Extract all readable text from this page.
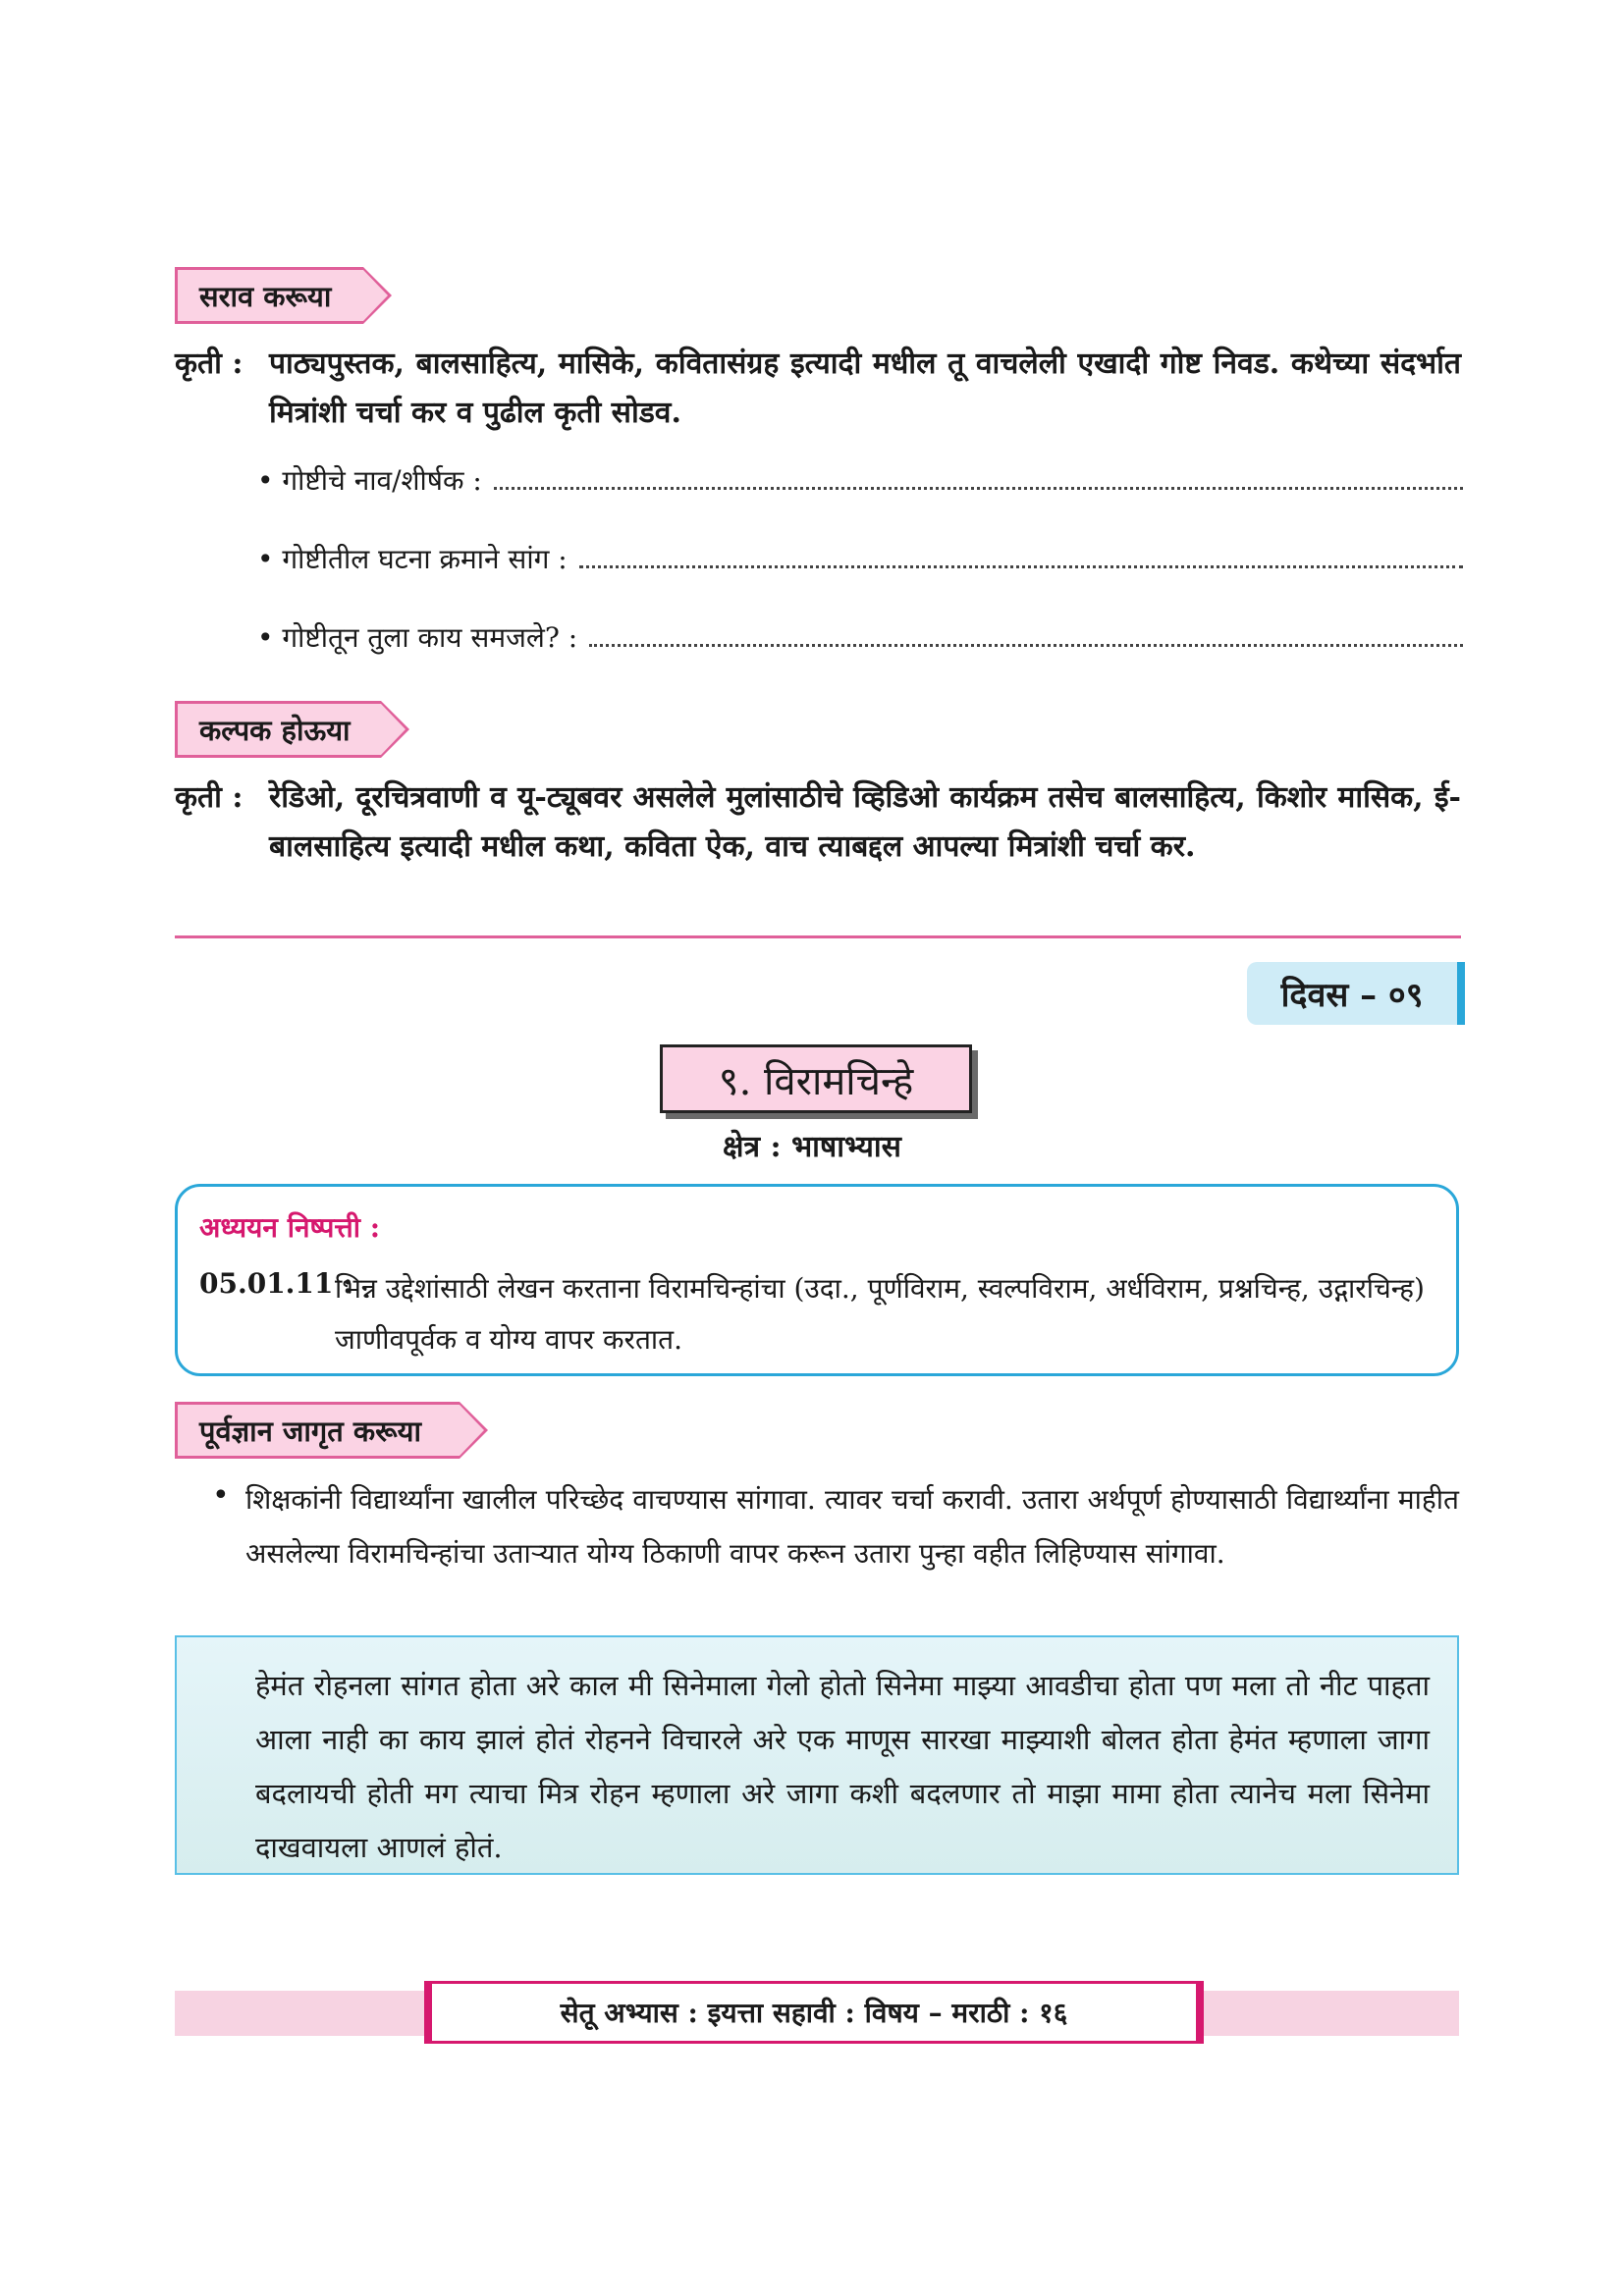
सराव करूया
कृती : पाठ्यपुस्तक, बालसाहित्य, मासिके, कवितासंग्रह इत्यादी मधील तू वाचलेली एखादी गोष्ट निवड. कथेच्या संदर्भात मित्रांशी चर्चा कर व पुढील कृती सोडव.
• गोष्टीचे नाव/शीर्षक :
• गोष्टीतील घटना क्रमाने सांग :
• गोष्टीतून तुला काय समजले? :
कल्पक होऊया
कृती : रेडिओ, दूरचित्रवाणी व यू-ट्यूबवर असलेले मुलांसाठीचे व्हिडिओ कार्यक्रम तसेच बालसाहित्य, किशोर मासिक, ई-बालसाहित्य इत्यादी मधील कथा, कविता ऐक, वाच त्याबद्दल आपल्या मित्रांशी चर्चा कर.
दिवस – ०९
९. विरामचिन्हे
क्षेत्र : भाषाभ्यास
अध्ययन निष्पत्ती :
05.01.11 :
भिन्न उद्देशांसाठी लेखन करताना विरामचिन्हांचा (उदा., पूर्णविराम, स्वल्पविराम, अर्धविराम, प्रश्नचिन्ह, उद्गारचिन्ह) जाणीवपूर्वक व योग्य वापर करतात.
पूर्वज्ञान जागृत करूया
• शिक्षकांनी विद्यार्थ्यांना खालील परिच्छेद वाचण्यास सांगावा. त्यावर चर्चा करावी. उतारा अर्थपूर्ण होण्यासाठी विद्यार्थ्यांना माहीत असलेल्या विरामचिन्हांचा उताऱ्यात योग्य ठिकाणी वापर करून उतारा पुन्हा वहीत लिहिण्यास सांगावा.
हेमंत रोहनला सांगत होता अरे काल मी सिनेमाला गेलो होतो सिनेमा माझ्या आवडीचा होता पण मला तो नीट पाहता आला नाही का काय झालं होतं रोहनने विचारले अरे एक माणूस सारखा माझ्याशी बोलत होता हेमंत म्हणाला जागा बदलायची होती मग त्याचा मित्र रोहन म्हणाला अरे जागा कशी बदलणार तो माझा मामा होता त्यानेच मला सिनेमा दाखवायला आणलं होतं.
सेतू अभ्यास : इयत्ता सहावी : विषय – मराठी : १६
